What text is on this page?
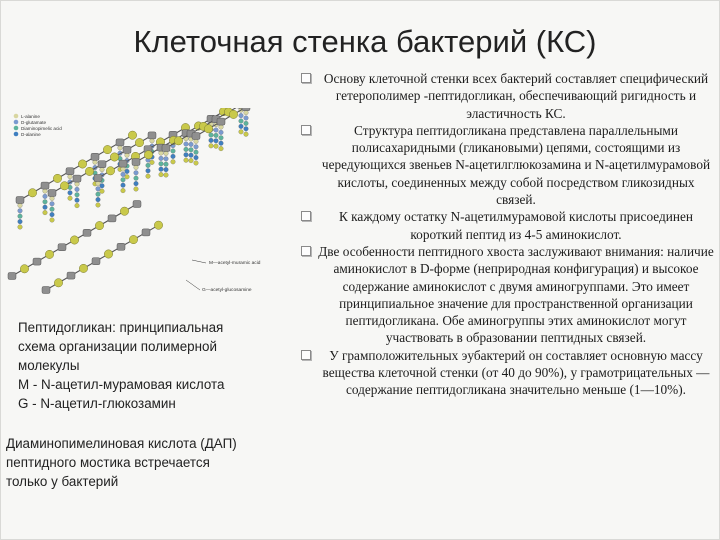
Клеточная стенка бактерий (КС)
L-alanine
D-glutamate
Diaminopimelic acid
D-alanine
M—acetyl-muramic acid
G—acetyl-glucosamine
Пептидогликан: принципиальная
схема организации полимерной
молекулы
М - N-ацетил-мурамовая кислота
G - N-ацетил-глюкозамин
Диаминопимелиновая кислота (ДАП)
пептидного мостика встречается
только у бактерий
Основу клеточной стенки всех бактерий составляет специфический гетерополимер -пептидогликан, обеспечивающий ригидность и эластичность КС.
Структура пептидогликана представлена параллельными полисахаридными (гликановыми) цепями, состоящими из чередующихся звеньев N-ацетилглюкозамина и N-ацетилмурамовой кислоты, соединенных между собой посредством гликозидных связей.
К каждому остатку N-ацетилмурамовой кислоты присоединен короткий пептид из 4-5 аминокислот.
Две особенности пептидного хвоста заслуживают внимания: наличие аминокислот в D-форме (неприродная конфигурация) и высокое содержание аминокислот с двумя аминогруппами. Это имеет принципиальное значение для пространственной организации пептидогликана. Обе аминогруппы этих аминокислот могут участвовать в образовании пептидных связей.
У грамположительных эубактерий он составляет основную массу вещества клеточной стенки (от 40 до 90%), у грамотрицательных — содержание пептидогликана значительно меньше (1—10%).
